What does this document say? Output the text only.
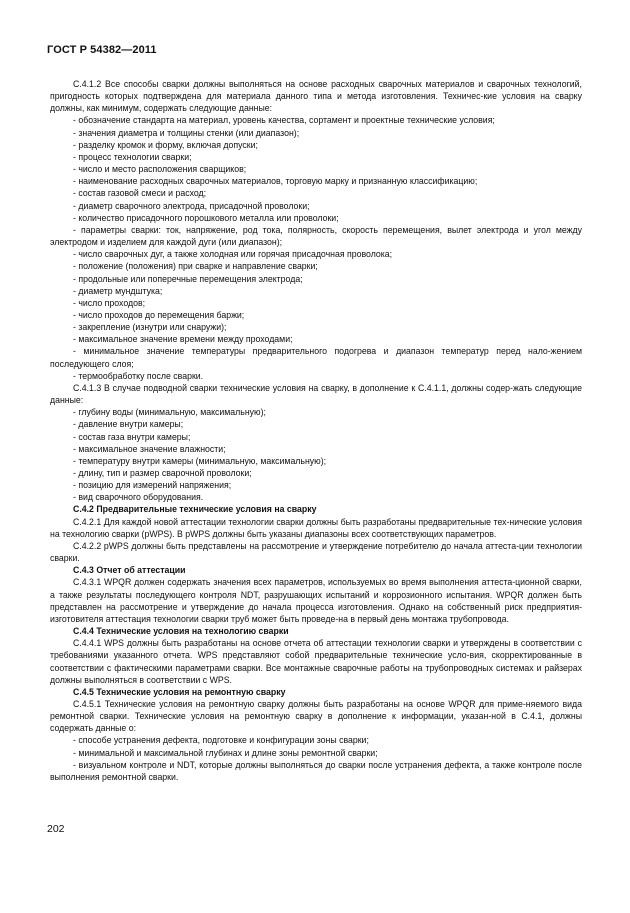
ГОСТ Р 54382—2011

С.4.1.2 Все способы сварки должны выполняться на основе расходных сварочных материалов и сварочных технологий, пригодность которых подтверждена для материала данного типа и метода изготовления. Техничес-кие условия на сварку должны, как минимум, содержать следующие данные:

- обозначение стандарта на материал, уровень качества, сортамент и проектные технические условия;

- значения диаметра и толщины стенки (или диапазон);

- разделку кромок и форму, включая допуски;

- процесс технологии сварки;

- число и место расположения сварщиков;

- наименование расходных сварочных материалов, торговую марку и признанную классификацию;

- состав газовой смеси и расход;

- диаметр сварочного электрода, присадочной проволоки;

- количество присадочного порошкового металла или проволоки;

- параметры сварки: ток, напряжение, род тока, полярность, скорость перемещения, вылет электрода и угол между электродом и изделием для каждой дуги (или диапазон);

- число сварочных дуг, а также холодная или горячая присадочная проволока;

- положение (положения) при сварке и направление сварки;

- продольные или поперечные перемещения электрода;

- диаметр мундштука;

- число проходов;

- число проходов до перемещения баржи;

- закрепление (изнутри или снаружи);

- максимальное значение времени между проходами;

- минимальное значение температуры предварительного подогрева и диапазон температур перед нало-жением последующего слоя;

- термообработку после сварки.

С.4.1.3 В случае подводной сварки технические условия на сварку, в дополнение к С.4.1.1, должны содер-жать следующие данные:

- глубину воды (минимальную, максимальную);

- давление внутри камеры;

- состав газа внутри камеры;

- максимальное значение влажности;

- температуру внутри камеры (минимальную, максимальную);

- длину, тип и размер сварочной проволоки;

- позицию для измерений напряжения;

- вид сварочного оборудования.

С.4.2 Предварительные технические условия на сварку

С.4.2.1 Для каждой новой аттестации технологии сварки должны быть разработаны предварительные тех-нические условия на технологию сварки (pWPS). В pWPS должны быть указаны диапазоны всех соответствующих параметров.

С.4.2.2 pWPS должны быть представлены на рассмотрение и утверждение потребителю до начала аттеста-ции технологии сварки.

С.4.3 Отчет об аттестации

С.4.3.1 WPQR должен содержать значения всех параметров, используемых во время выполнения аттеста-ционной сварки, а также результаты последующего контроля NDT, разрушающих испытаний и коррозионного испытания. WPQR должен быть представлен на рассмотрение и утверждение до начала процесса изготовления. Однако на собственный риск предприятия-изготовителя аттестация технологии сварки труб может быть проведе-на в первый день монтажа трубопровода.

С.4.4 Технические условия на технологию сварки

С.4.4.1 WPS должны быть разработаны на основе отчета об аттестации технологии сварки и утверждены в соответствии с требованиями указанного отчета. WPS представляют собой предварительные технические усло-вия, скорректированные в соответствии с фактическими параметрами сварки. Все монтажные сварочные работы на трубопроводных системах и райзерах должны выполняться в соответствии с WPS.

С.4.5 Технические условия на ремонтную сварку

С.4.5.1 Технические условия на ремонтную сварку должны быть разработаны на основе WPQR для приме-няемого вида ремонтной сварки. Технические условия на ремонтную сварку в дополнение к информации, указан-ной в С.4.1, должны содержать данные о:

- способе устранения дефекта, подготовке и конфигурации зоны сварки;

- минимальной и максимальной глубинах и длине зоны ремонтной сварки;

- визуальном контроле и NDT, которые должны выполняться до сварки после устранения дефекта, а также контроле после выполнения ремонтной сварки.

202
